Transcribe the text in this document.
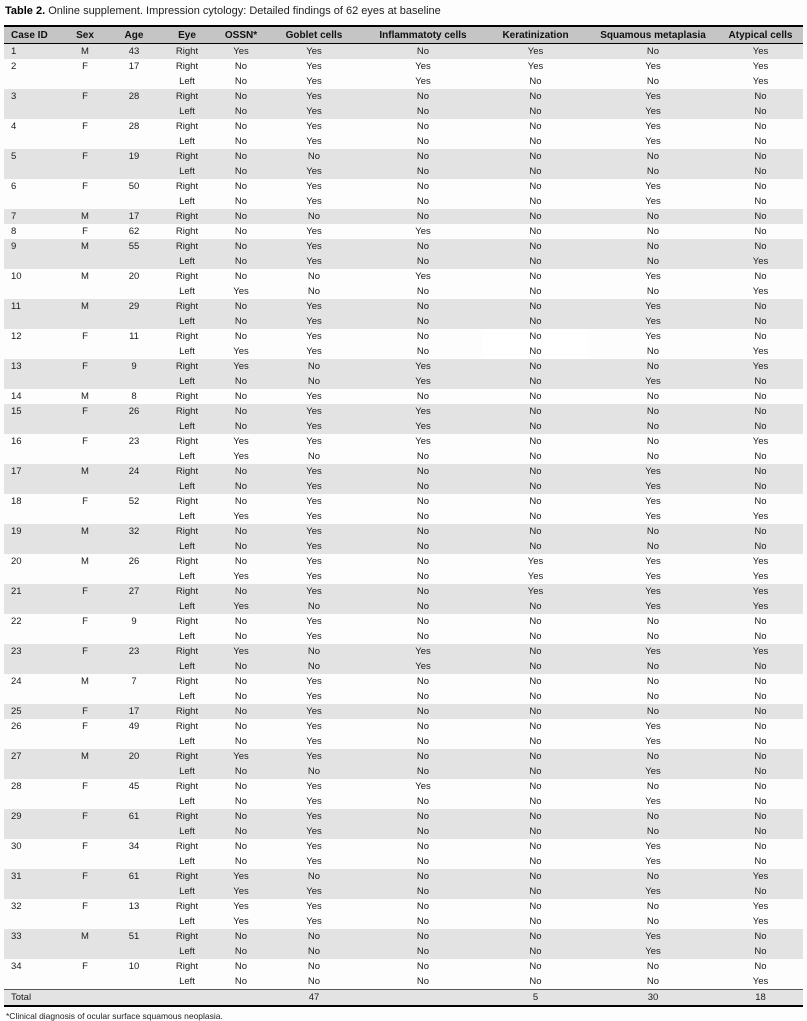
Table 2. Online supplement. Impression cytology: Detailed findings of 62 eyes at baseline
Case ID	Sex	Age	Eye	OSSN*	Goblet cells	Inflammatoty cells	Keratinization	Squamous metaplasia	Atypical cells
1	M	43	Right	Yes	Yes	No	Yes	No	Yes
2	F	17	Right	No	Yes	Yes	Yes	Yes	Yes
			Left	No	Yes	Yes	No	No	Yes
3	F	28	Right	No	Yes	No	No	Yes	No
			Left	No	Yes	No	No	Yes	No
4	F	28	Right	No	Yes	No	No	Yes	No
			Left	No	Yes	No	No	Yes	No
5	F	19	Right	No	No	No	No	No	No
			Left	No	Yes	No	No	No	No
6	F	50	Right	No	Yes	No	No	Yes	No
			Left	No	Yes	No	No	Yes	No
7	M	17	Right	No	No	No	No	No	No
8	F	62	Right	No	Yes	Yes	No	No	No
9	M	55	Right	No	Yes	No	No	No	No
			Left	No	Yes	No	No	No	Yes
10	M	20	Right	No	No	Yes	No	Yes	No
			Left	Yes	No	No	No	No	Yes
11	M	29	Right	No	Yes	No	No	Yes	No
			Left	No	Yes	No	No	Yes	No
12	F	11	Right	No	Yes	No	No	Yes	No
			Left	Yes	Yes	No	No	No	Yes
13	F	9	Right	Yes	No	Yes	No	No	Yes
			Left	No	No	Yes	No	Yes	No
14	M	8	Right	No	Yes	No	No	No	No
15	F	26	Right	No	Yes	Yes	No	No	No
			Left	No	Yes	Yes	No	No	No
16	F	23	Right	Yes	Yes	Yes	No	No	Yes
			Left	Yes	No	No	No	No	No
17	M	24	Right	No	Yes	No	No	Yes	No
			Left	No	Yes	No	No	Yes	No
18	F	52	Right	No	Yes	No	No	Yes	No
			Left	Yes	Yes	No	No	Yes	Yes
19	M	32	Right	No	Yes	No	No	No	No
			Left	No	Yes	No	No	No	No
20	M	26	Right	No	Yes	No	Yes	Yes	Yes
			Left	Yes	Yes	No	Yes	Yes	Yes
21	F	27	Right	No	Yes	No	Yes	Yes	Yes
			Left	Yes	No	No	No	Yes	Yes
22	F	9	Right	No	Yes	No	No	No	No
			Left	No	Yes	No	No	No	No
23	F	23	Right	Yes	No	Yes	No	Yes	Yes
			Left	No	No	Yes	No	No	No
24	M	7	Right	No	Yes	No	No	No	No
			Left	No	Yes	No	No	No	No
25	F	17	Right	No	Yes	No	No	No	No
26	F	49	Right	No	Yes	No	No	Yes	No
			Left	No	Yes	No	No	Yes	No
27	M	20	Right	Yes	Yes	No	No	No	No
			Left	No	No	No	No	Yes	No
28	F	45	Right	No	Yes	Yes	No	No	No
			Left	No	Yes	No	No	Yes	No
29	F	61	Right	No	Yes	No	No	No	No
			Left	No	Yes	No	No	No	No
30	F	34	Right	No	Yes	No	No	Yes	No
			Left	No	Yes	No	No	Yes	No
31	F	61	Right	Yes	No	No	No	No	Yes
			Left	Yes	Yes	No	No	Yes	No
32	F	13	Right	Yes	Yes	No	No	No	Yes
			Left	Yes	Yes	No	No	No	Yes
33	M	51	Right	No	No	No	No	Yes	No
			Left	No	No	No	No	Yes	No
34	F	10	Right	No	No	No	No	No	No
			Left	No	No	No	No	No	Yes
Total					47		5	30	18
*Clinical diagnosis of ocular surface squamous neoplasia.
